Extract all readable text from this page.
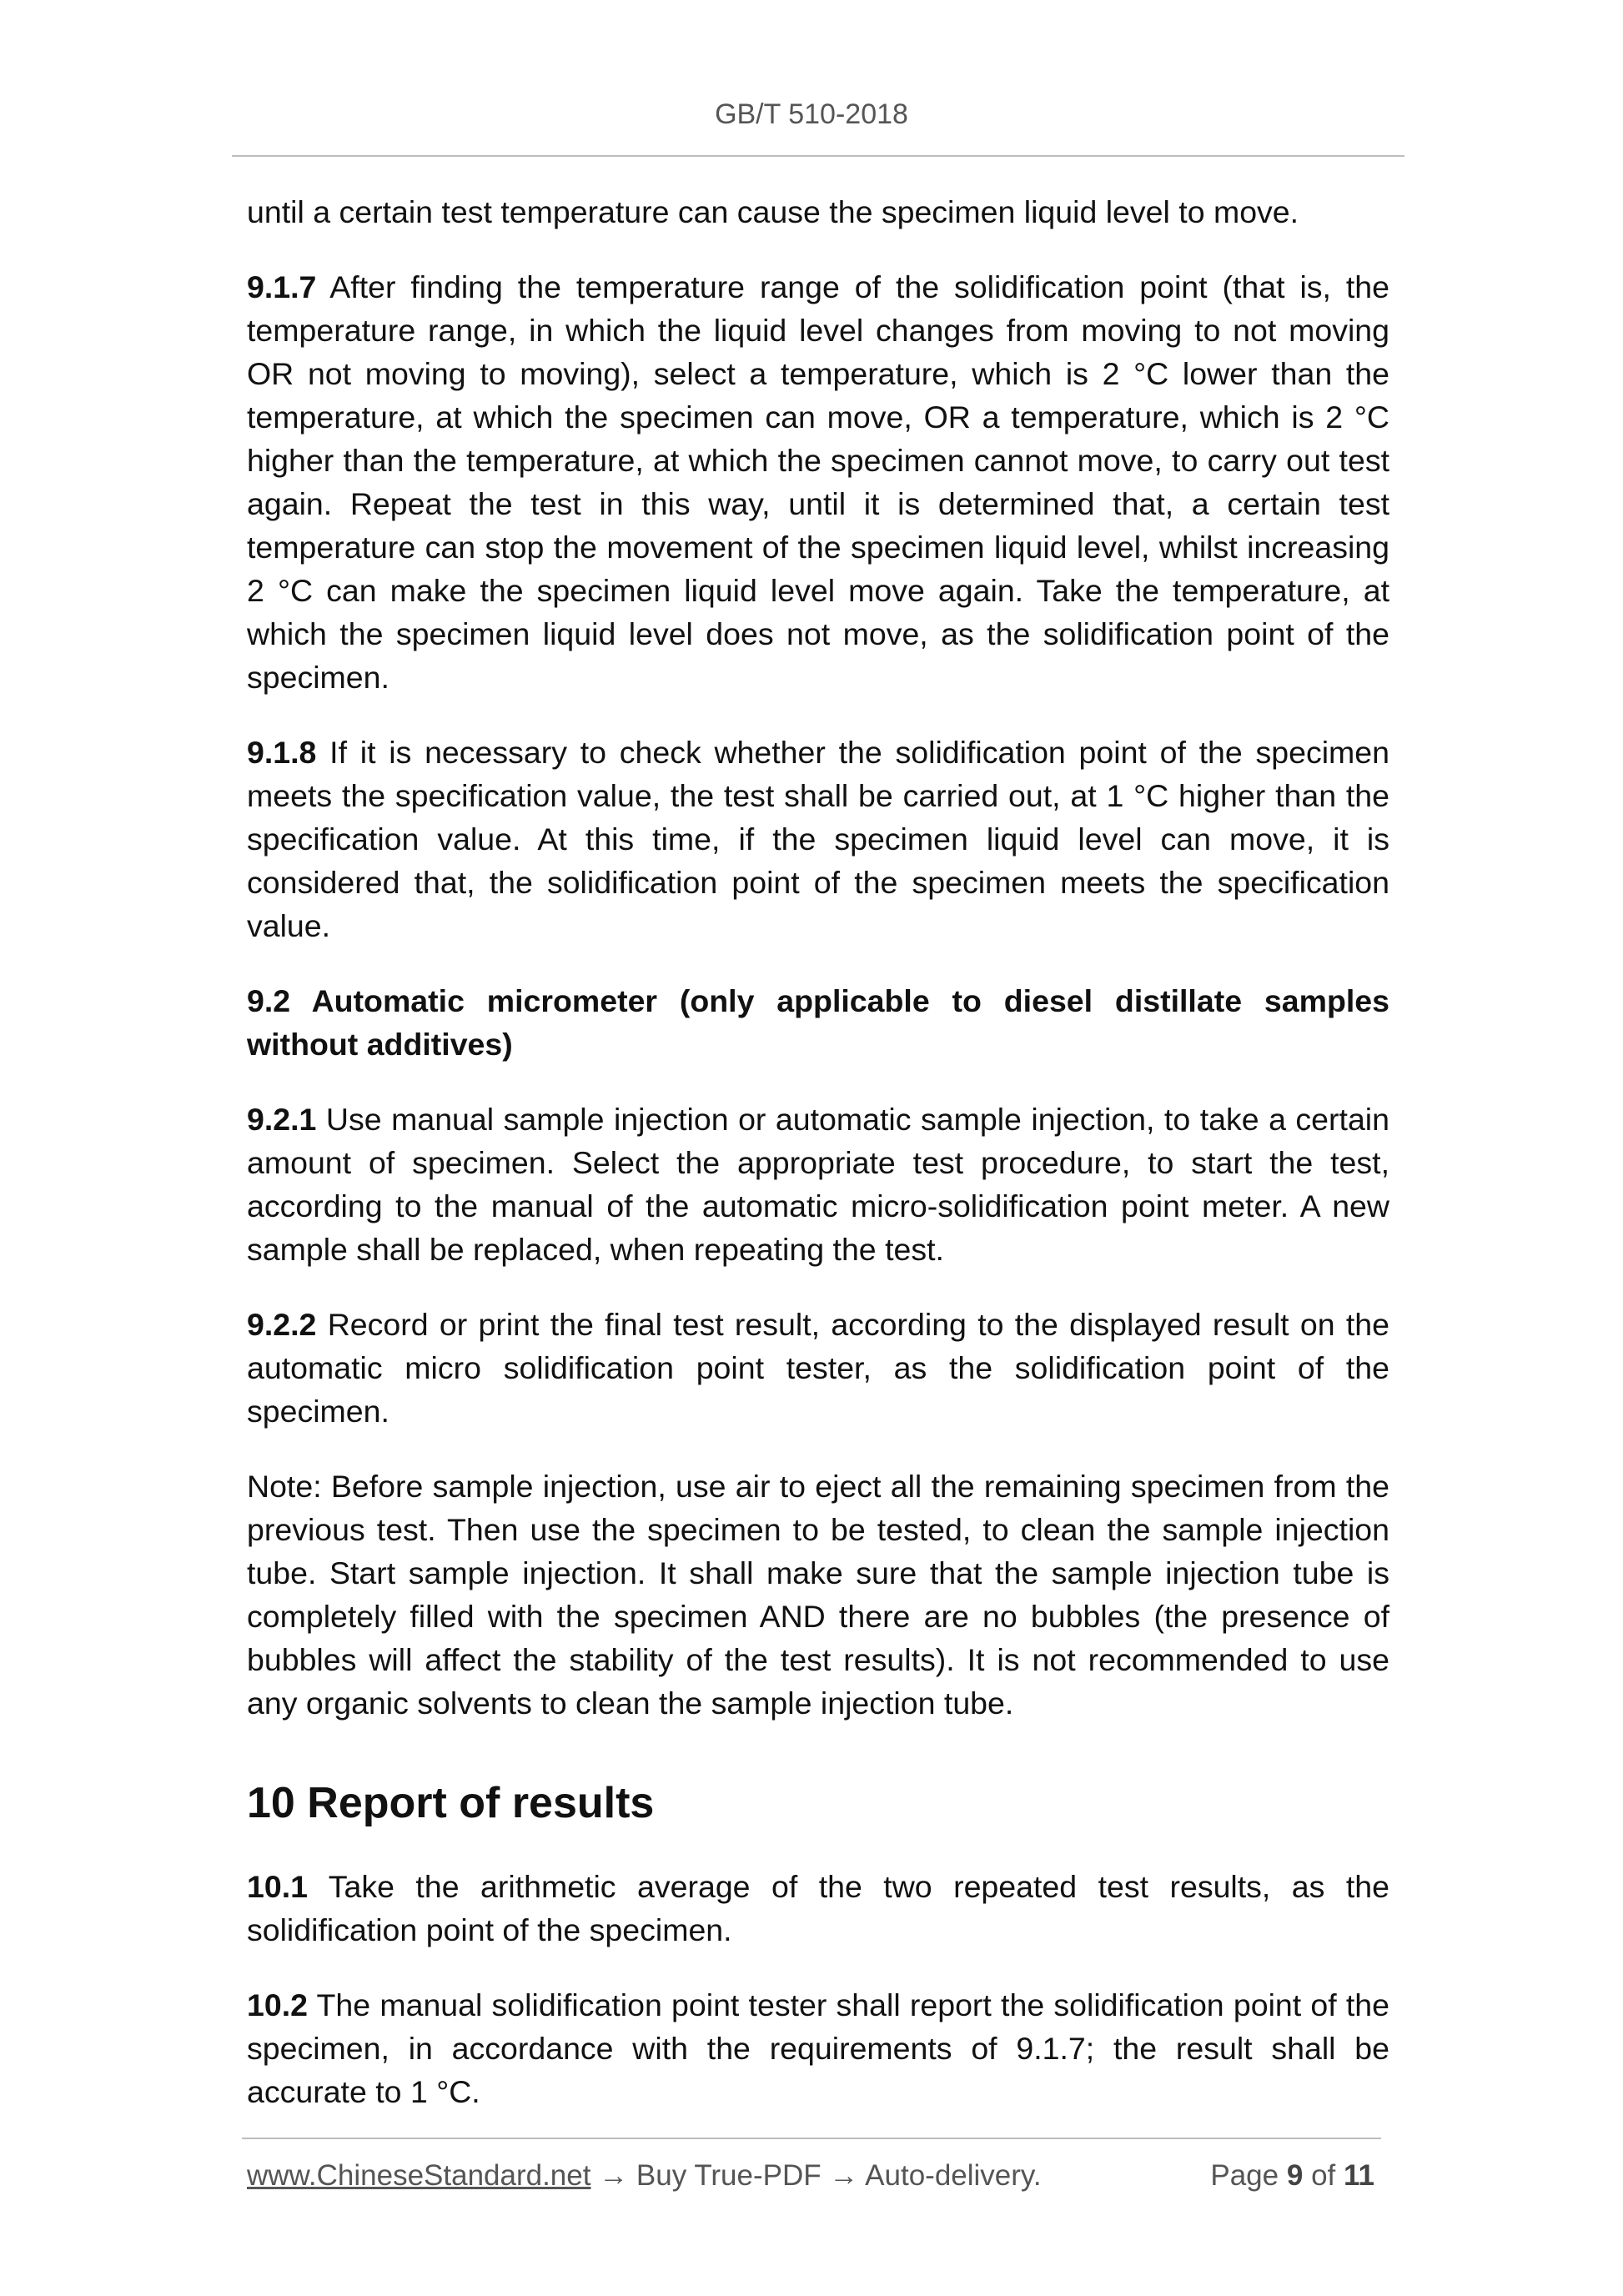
GB/T 510-2018

until a certain test temperature can cause the specimen liquid level to move.

9.1.7 After finding the temperature range of the solidification point (that is, the temperature range, in which the liquid level changes from moving to not moving OR not moving to moving), select a temperature, which is 2 °C lower than the temperature, at which the specimen can move, OR a temperature, which is 2 °C higher than the temperature, at which the specimen cannot move, to carry out test again. Repeat the test in this way, until it is determined that, a certain test temperature can stop the movement of the specimen liquid level, whilst increasing 2 °C can make the specimen liquid level move again. Take the temperature, at which the specimen liquid level does not move, as the solidification point of the specimen.

9.1.8 If it is necessary to check whether the solidification point of the specimen meets the specification value, the test shall be carried out, at 1 °C higher than the specification value. At this time, if the specimen liquid level can move, it is considered that, the solidification point of the specimen meets the specification value.

9.2 Automatic micrometer (only applicable to diesel distillate samples without additives)

9.2.1 Use manual sample injection or automatic sample injection, to take a certain amount of specimen. Select the appropriate test procedure, to start the test, according to the manual of the automatic micro-solidification point meter. A new sample shall be replaced, when repeating the test.

9.2.2 Record or print the final test result, according to the displayed result on the automatic micro solidification point tester, as the solidification point of the specimen.

Note: Before sample injection, use air to eject all the remaining specimen from the previous test. Then use the specimen to be tested, to clean the sample injection tube. Start sample injection. It shall make sure that the sample injection tube is completely filled with the specimen AND there are no bubbles (the presence of bubbles will affect the stability of the test results). It is not recommended to use any organic solvents to clean the sample injection tube.

10 Report of results

10.1 Take the arithmetic average of the two repeated test results, as the solidification point of the specimen.

10.2 The manual solidification point tester shall report the solidification point of the specimen, in accordance with the requirements of 9.1.7; the result shall be accurate to 1 °C.

www.ChineseStandard.net → Buy True-PDF → Auto-delivery.	Page 9 of 11
